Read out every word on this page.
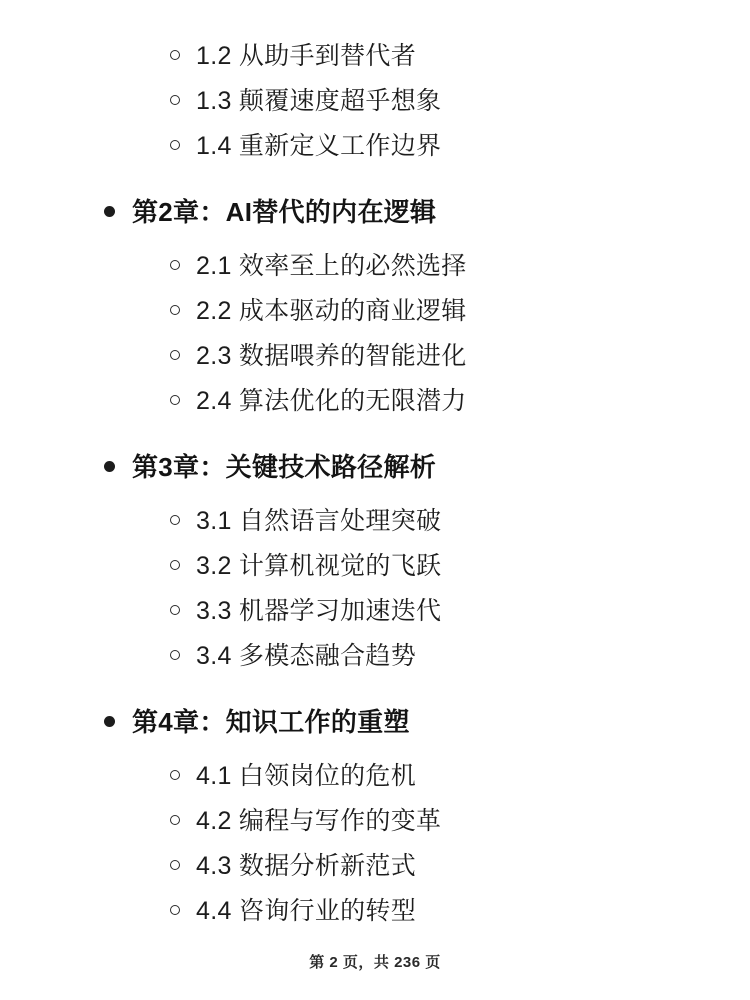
1.2 从助手到替代者
1.3 颠覆速度超乎想象
1.4 重新定义工作边界
第2章：AI替代的内在逻辑
2.1 效率至上的必然选择
2.2 成本驱动的商业逻辑
2.3 数据喂养的智能进化
2.4 算法优化的无限潜力
第3章：关键技术路径解析
3.1 自然语言处理突破
3.2 计算机视觉的飞跃
3.3 机器学习加速迭代
3.4 多模态融合趋势
第4章：知识工作的重塑
4.1 白领岗位的危机
4.2 编程与写作的变革
4.3 数据分析新范式
4.4 咨询行业的转型
第 2 页，共 236 页
